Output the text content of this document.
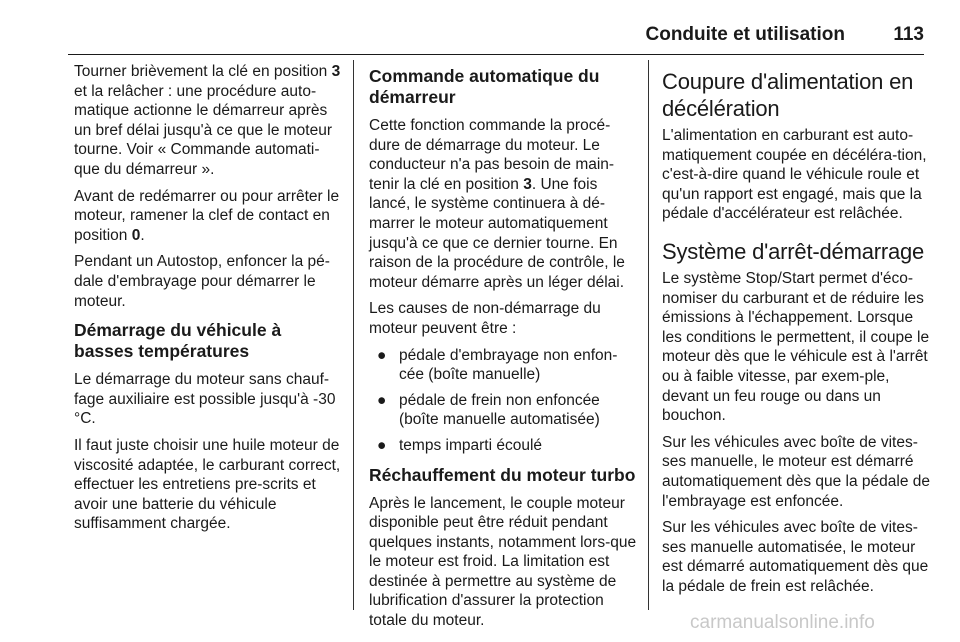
Conduite et utilisation	113

Tourner brièvement la clé en position 3 et la relâcher : une procédure auto-matique actionne le démarreur après un bref délai jusqu'à ce que le moteur tourne. Voir « Commande automati-que du démarreur ».

Avant de redémarrer ou pour arrêter le moteur, ramener la clef de contact en position 0.

Pendant un Autostop, enfoncer la pé-dale d'embrayage pour démarrer le moteur.

Démarrage du véhicule à basses températures

Le démarrage du moteur sans chauf-fage auxiliaire est possible jusqu'à -30 °C.

Il faut juste choisir une huile moteur de viscosité adaptée, le carburant correct, effectuer les entretiens pre-scrits et avoir une batterie du véhicule suffisamment chargée.

Commande automatique du démarreur

Cette fonction commande la procé-dure de démarrage du moteur. Le conducteur n'a pas besoin de main-tenir la clé en position 3. Une fois lancé, le système continuera à dé-marrer le moteur automatiquement jusqu'à ce que ce dernier tourne. En raison de la procédure de contrôle, le moteur démarre après un léger délai.

Les causes de non-démarrage du moteur peuvent être :

● pédale d'embrayage non enfon-cée (boîte manuelle)
● pédale de frein non enfoncée (boîte manuelle automatisée)
● temps imparti écoulé
Réchauffement du moteur turbo

Après le lancement, le couple moteur disponible peut être réduit pendant quelques instants, notamment lors-que le moteur est froid. La limitation est destinée à permettre au système de lubrification d'assurer la protection totale du moteur.

Coupure d'alimentation en décélération

L'alimentation en carburant est auto-matiquement coupée en décéléra-tion, c'est-à-dire quand le véhicule roule et qu'un rapport est engagé, mais que la pédale d'accélérateur est relâchée.

Système d'arrêt-démarrage

Le système Stop/Start permet d'éco-nomiser du carburant et de réduire les émissions à l'échappement. Lorsque les conditions le permettent, il coupe le moteur dès que le véhicule est à l'arrêt ou à faible vitesse, par exem-ple, devant un feu rouge ou dans un bouchon.

Sur les véhicules avec boîte de vites-ses manuelle, le moteur est démarré automatiquement dès que la pédale de l'embrayage est enfoncée.

Sur les véhicules avec boîte de vites-ses manuelle automatisée, le moteur est démarré automatiquement dès que la pédale de frein est relâchée.

carmanualsonline.info
